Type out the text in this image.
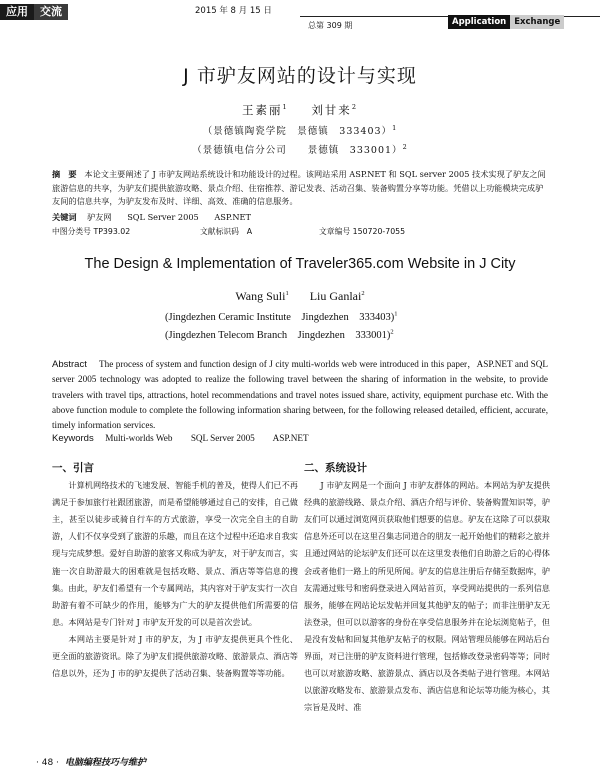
应用 交流	2015 年 8 月 15 日
总第 309 期	Application Exchange
J 市驴友网站的设计与实现
王素丽$^1$ 刘甘来$^2$
（景德镇陶瓷学院　景德镇　333403）$^1$
（景德镇电信分公司　　景德镇　333001）$^2$
摘　要 本论文主要阐述了 J 市驴友网站系统设计和功能设计的过程。该网站采用 ASP.NET 和 SQL server 2005 技术实现了驴友之间旅游信息的共享，为驴友们提供旅游攻略、景点介绍、住宿推荐、游记发表、活动召集、装备购置分享等功能。凭借以上功能模块完成驴友间的信息共享，为驴友发布及时、详细、高效、准确的信息服务。
关键词 驴友网 SQL Server 2005 ASP.NET
中图分类号 TP393.02	文献标识码　A	文章编号 150720-7055
The Design & Implementation of Traveler365.com Website in J City
Wang Suli$^1$ Liu Ganlai$^2$
(Jingdezhen Ceramic Institute　Jingdezhen　333403)$^1$
(Jingdezhen Telecom Branch　Jingdezhen　333001)$^2$
Abstract The process of system and function design of J city multi-worlds web were introduced in this paper，ASP.NET and SQL server 2005 technology was adopted to realize the following travel between the sharing of information in the website, to provide travelers with travel tips, attractions, hotel recommendations and travel notes issued share, activity, equipment purchase etc. With the above function module to complete the following information sharing between, for the following released detailed, efficient, accurate, timely information services.
Keywords Multi-worlds Web SQL Server 2005 ASP.NET
一、引言

计算机网络技术的飞速发展、智能手机的普及，使得人们已不再满足于参加旅行社跟团旅游，而是希望能够通过自己的安排，自己做主，甚至以徒步或骑自行车的方式旅游，享受一次完全自主的自助游，人们不仅享受到了旅游的乐趣，而且在这个过程中还追求自我实现与完成梦想。爱好自助游的旅客又称成为驴友，对于驴友而言，实施一次自助游最大的困难就是包括攻略、景点、酒店等等信息的搜集。由此，驴友们希望有一个专属网站，其内容对于驴友实行一次自助游有着不可缺少的作用，能够为广大的驴友提供他们所需要的信息。本网站是专门针对 J 市驴友开发的可以是首次尝试。

本网站主要是针对 J 市的驴友，为 J 市驴友提供更具个性化、更全面的旅游资讯。除了为驴友们提供旅游攻略、旅游景点、酒店等信息以外，还为 J 市的驴友提供了活动召集、装备购置等等功能。

二、系统设计

J 市驴友网是一个面向 J 市驴友群体的网站。本网站为驴友提供经典的旅游线路、景点介绍、酒店介绍与评价、装备购置知识等，驴友们可以通过浏览网页获取他们想要的信息。驴友在这除了可以获取信息外还可以在这里召集志同道合的朋友一起开始他们的精彩之旅并且通过网站的论坛驴友们还可以在这里发表他们自助游之后的心得体会或者他们一路上的所见所闻。驴友的信息注册后存储至数据库，驴友需通过账号和密码登录进入网站首页，享受网站提供的一系列信息服务，能够在网站论坛发帖并回复其他驴友的帖子；而非注册驴友无法登录，但可以以游客的身份在享受信息服务并在论坛浏览帖子，但是没有发帖和回复其他驴友帖子的权限。网站管理员能够在网站后台界面，对已注册的驴友资料进行管理，包括修改登录密码等等；同时也可以对旅游攻略、旅游景点、酒店以及各类帖子进行管理。本网站以旅游攻略发布、旅游景点发布、酒店信息和论坛等功能为核心，其宗旨是及时、准

· 48 · 电脑编程技巧与维护
